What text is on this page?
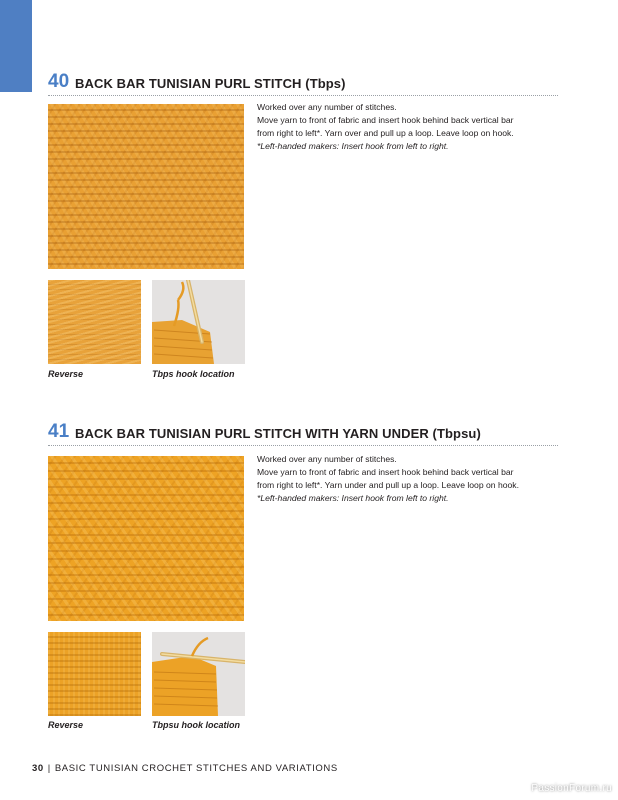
40 BACK BAR TUNISIAN PURL STITCH (Tbps)

Worked over any number of stitches.

Move yarn to front of fabric and insert hook behind back vertical bar

from right to left*. Yarn over and pull up a loop. Leave loop on hook.

*Left-handed makers: Insert hook from left to right.

Reverse	Tbps hook location
41 BACK BAR TUNISIAN PURL STITCH WITH YARN UNDER (Tbpsu)

Worked over any number of stitches.

Move yarn to front of fabric and insert hook behind back vertical bar

from right to left*. Yarn under and pull up a loop. Leave loop on hook.

*Left-handed makers: Insert hook from left to right.

Reverse	Tbpsu hook location
30 | BASIC TUNISIAN CROCHET STITCHES AND VARIATIONS
PassionForum.ru
